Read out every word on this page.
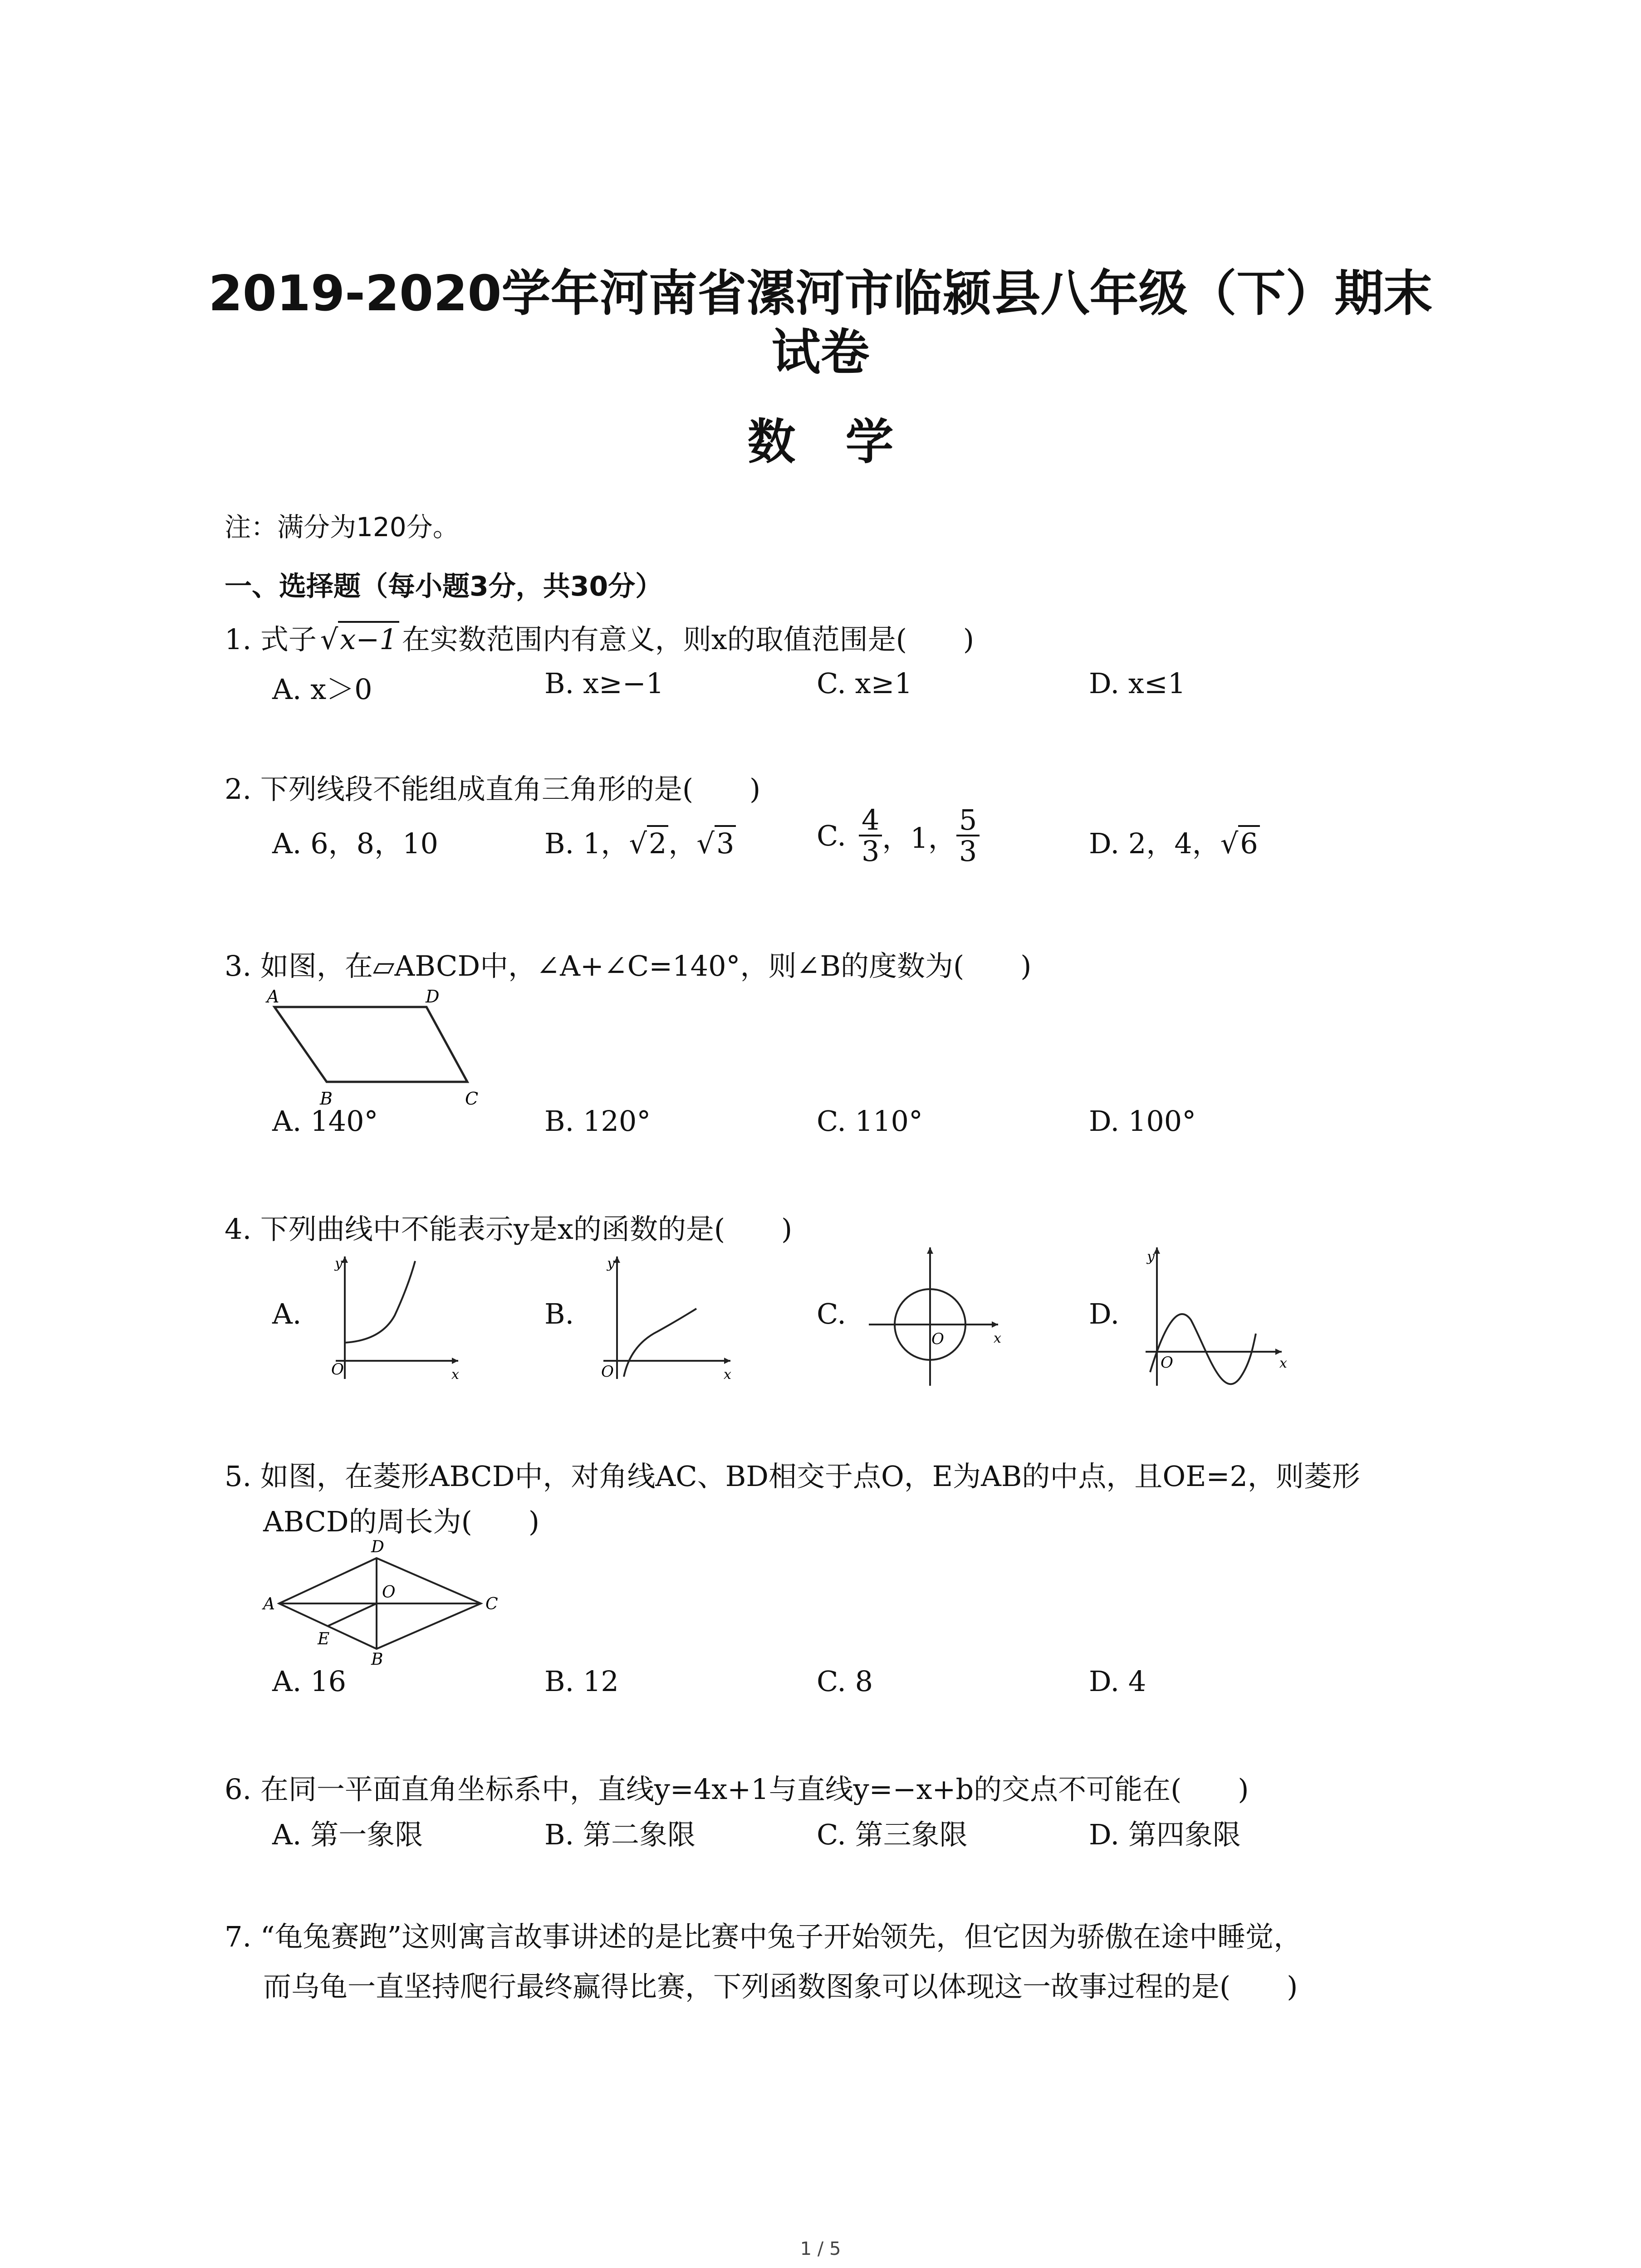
2019-2020学年河南省漯河市临颍县八年级（下）期末
试卷
数学
注：满分为120分。
一、选择题（每小题3分，共30分）
1. 式子 √x−1 在实数范围内有意义，则x的取值范围是(　　)
A. x＞0	B. x≥−1	C. x≥1	D. x≤1
2. 下列线段不能组成直角三角形的是(　　)
A. 6，8，10	B. 1，√2，√3	C. $\frac{4}{3}$ ，1， $\frac{5}{3}$	D. 2，4，√6
3. 如图，在▱ABCD中，∠A+∠C=140°，则∠B的度数为(　　)
A	D
B	C
A. 140°	B. 120°	C. 110°	D. 100°
4. 下列曲线中不能表示y是x的函数的是(　　)
A.
O
y
x
B.
O
y
x
C.
O	x
D.
O
y
x
5. 如图，在菱形ABCD中，对角线AC、BD相交于点O，E为AB的中点，且OE=2，则菱形
ABCD的周长为(　　)
D
A
O
C
E
B
A. 16	B. 12	C. 8	D. 4
6. 在同一平面直角坐标系中，直线y=4x+1与直线y=−x+b的交点不可能在(　　)
A. 第一象限	B. 第二象限	C. 第三象限	D. 第四象限
7. “龟兔赛跑”这则寓言故事讲述的是比赛中兔子开始领先，但它因为骄傲在途中睡觉，
而乌龟一直坚持爬行最终赢得比赛，下列函数图象可以体现这一故事过程的是(　　)
1 / 5
